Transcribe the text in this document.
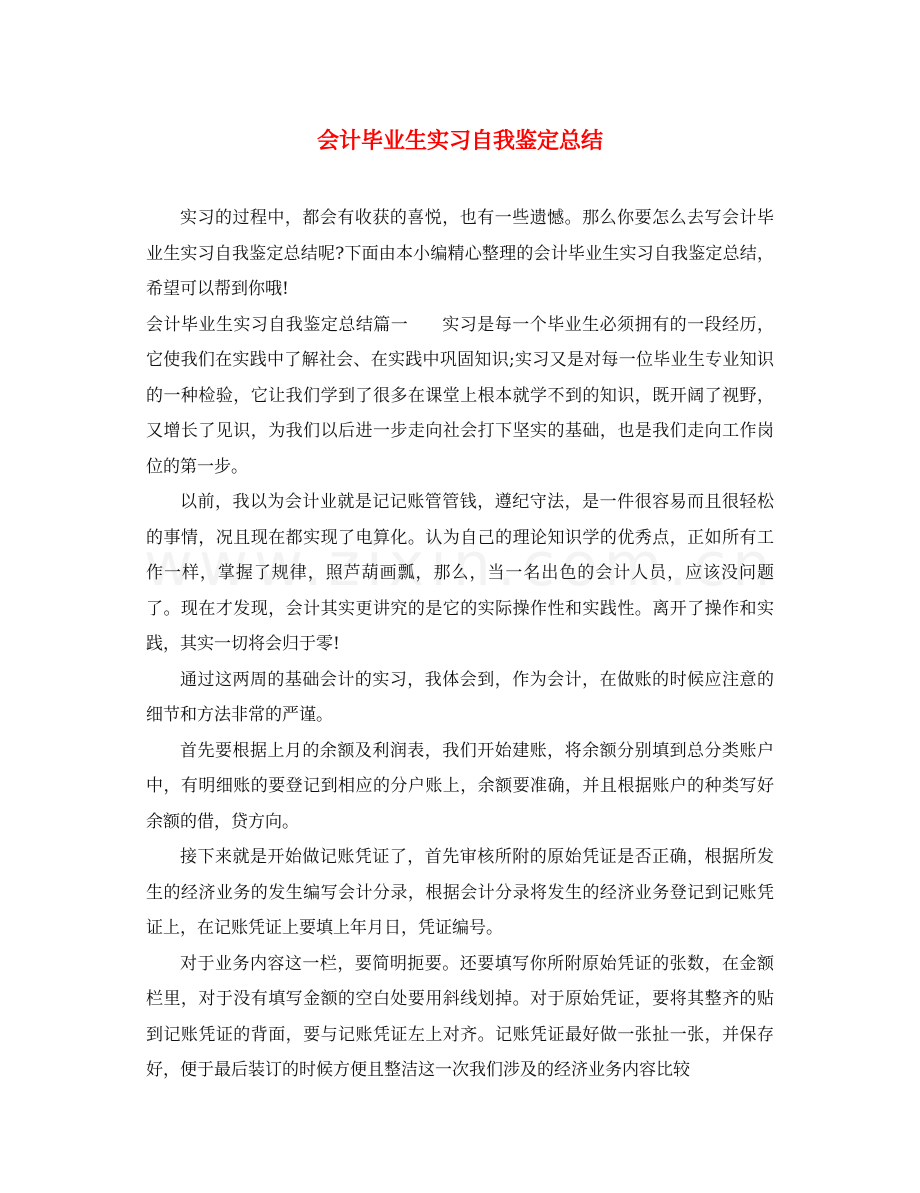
会计毕业生实习自我鉴定总结

实习的过程中，都会有收获的喜悦，也有一些遗憾。那么你要怎么去写会计毕业生实习自我鉴定总结呢?下面由本小编精心整理的会计毕业生实习自我鉴定总结，希望可以帮到你哦!

会计毕业生实习自我鉴定总结篇一 实习是每一个毕业生必须拥有的一段经历，它使我们在实践中了解社会、在实践中巩固知识;实习又是对每一位毕业生专业知识的一种检验，它让我们学到了很多在课堂上根本就学不到的知识，既开阔了视野，又增长了见识，为我们以后进一步走向社会打下坚实的基础，也是我们走向工作岗位的第一步。

以前，我以为会计业就是记记账管管钱，遵纪守法，是一件很容易而且很轻松的事情，况且现在都实现了电算化。认为自己的理论知识学的优秀点，正如所有工作一样，掌握了规律，照芦葫画瓢，那么，当一名出色的会计人员，应该没问题了。现在才发现，会计其实更讲究的是它的实际操作性和实践性。离开了操作和实践，其实一切将会归于零!

通过这两周的基础会计的实习，我体会到，作为会计，在做账的时候应注意的细节和方法非常的严谨。

首先要根据上月的余额及利润表，我们开始建账，将余额分别填到总分类账户中，有明细账的要登记到相应的分户账上，余额要准确，并且根据账户的种类写好余额的借，贷方向。

接下来就是开始做记账凭证了，首先审核所附的原始凭证是否正确，根据所发生的经济业务的发生编写会计分录，根据会计分录将发生的经济业务登记到记账凭证上，在记账凭证上要填上年月日，凭证编号。

对于业务内容这一栏，要简明扼要。还要填写你所附原始凭证的张数，在金额栏里，对于没有填写金额的空白处要用斜线划掉。对于原始凭证，要将其整齐的贴到记账凭证的背面，要与记账凭证左上对齐。记账凭证最好做一张扯一张，并保存好，便于最后装订的时候方便且整洁这一次我们涉及的经济业务内容比较
